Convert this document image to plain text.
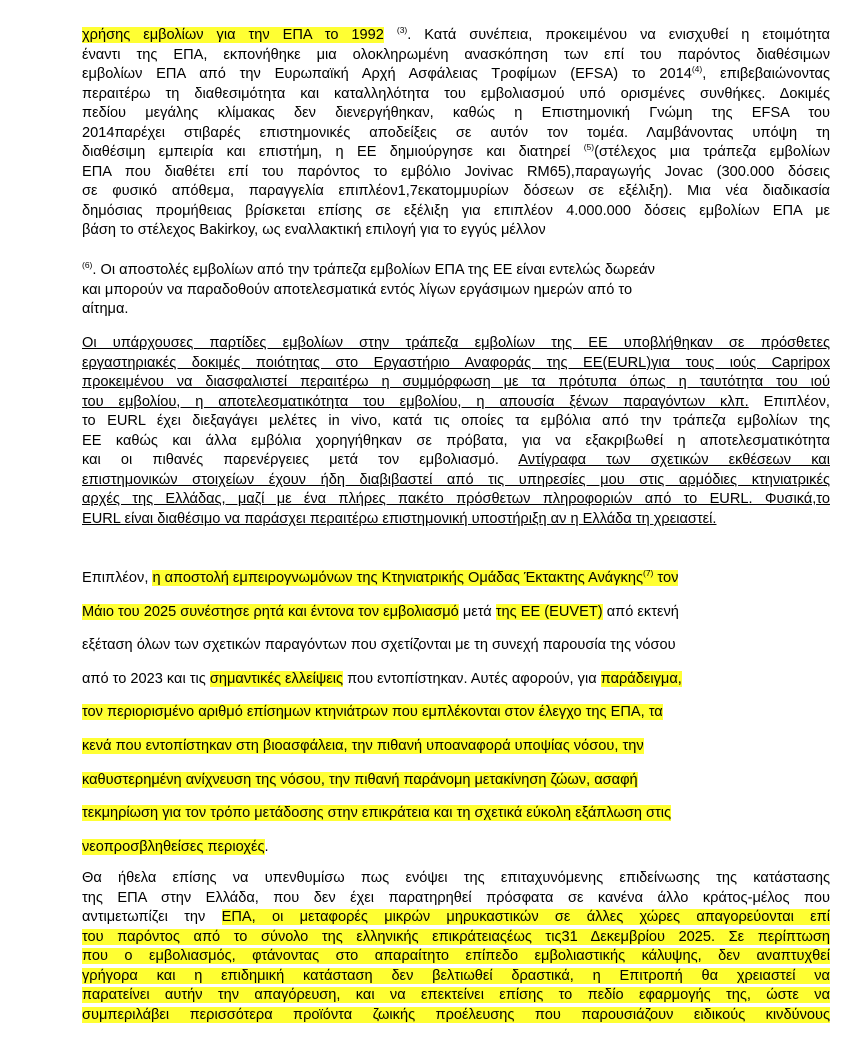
χρήσης εμβολίων για την ΕΠΑ το 1992 $^{(3)}$. Κατά συνέπεια, προκειμένου να ενισχυθεί η ετοιμότητα
έναντι της ΕΠΑ, εκπονήθηκε μια ολοκληρωμένη ανασκόπηση των επί του παρόντος διαθέσιμων
εμβολίων ΕΠΑ από την Ευρωπαϊκή Αρχή Ασφάλειας Τροφίμων (EFSA) το 2014$^{(4)}$, επιβεβαιώνοντας
περαιτέρω τη διαθεσιμότητα και καταλληλότητα του εμβολιασμού υπό ορισμένες συνθήκες. Δοκιμές
πεδίου μεγάλης κλίμακας δεν διενεργήθηκαν, καθώς η Επιστημονική Γνώμη της EFSA του
2014παρέχει στιβαρές επιστημονικές αποδείξεις σε αυτόν τον τομέα. Λαμβάνοντας υπόψη τη
διαθέσιμη εμπειρία και επιστήμη, η ΕΕ δημιούργησε και διατηρεί $^{(5)}$(στέλεχος μια τράπεζα εμβολίων
ΕΠΑ που διαθέτει επί του παρόντος το εμβόλιο Jovivac RM65),παραγωγής Jovac (300.000 δόσεις
σε φυσικό απόθεμα, παραγγελία επιπλέον1,7εκατομμυρίων δόσεων σε εξέλιξη). Μια νέα διαδικασία
δημόσιας προμήθειας βρίσκεται επίσης σε εξέλιξη για επιπλέον 4.000.000 δόσεις εμβολίων ΕΠΑ με
βάση το στέλεχος Bakirkoy, ως εναλλακτική επιλογή για το εγγύς μέλλον
$^{(6)}$. Οι αποστολές εμβολίων από την τράπεζα εμβολίων ΕΠΑ της ΕΕ είναι εντελώς δωρεάν
και μπορούν να παραδοθούν αποτελεσματικά εντός λίγων εργάσιμων ημερών από το
αίτημα.
Οι υπάρχουσες παρτίδες εμβολίων στην τράπεζα εμβολίων της ΕΕ υποβλήθηκαν σε πρόσθετες
εργαστηριακές δοκιμές ποιότητας στο Εργαστήριο Αναφοράς της ΕΕ(EURL)για τους ιούς Capripox
προκειμένου να διασφαλιστεί περαιτέρω η συμμόρφωση με τα πρότυπα όπως η ταυτότητα του ιού
του εμβολίου, η αποτελεσματικότητα του εμβολίου, η απουσία ξένων παραγόντων κλπ. Επιπλέον,
το EURL έχει διεξαγάγει μελέτες in vivo, κατά τις οποίες τα εμβόλια από την τράπεζα εμβολίων της
ΕΕ καθώς και άλλα εμβόλια χορηγήθηκαν σε πρόβατα, για να εξακριβωθεί η αποτελεσματικότητα
και οι πιθανές παρενέργειες μετά τον εμβολιασμό. Αντίγραφα των σχετικών εκθέσεων και
επιστημονικών στοιχείων έχουν ήδη διαβιβαστεί από τις υπηρεσίες μου στις αρμόδιες κτηνιατρικές
αρχές της Ελλάδας, μαζί με ένα πλήρες πακέτο πρόσθετων πληροφοριών από το EURL. Φυσικά,το
EURL είναι διαθέσιμο να παράσχει περαιτέρω επιστημονική υποστήριξη αν η Ελλάδα τη χρειαστεί.
Επιπλέον, η αποστολή εμπειρογνωμόνων της Κτηνιατρικής Ομάδας Έκτακτης Ανάγκης$^{(7)}$ τον
Μάιο του 2025 συνέστησε ρητά και έντονα τον εμβολιασμό μετά της ΕΕ (EUVET) από εκτενή
εξέταση όλων των σχετικών παραγόντων που σχετίζονται με τη συνεχή παρουσία της νόσου
από το 2023 και τις σημαντικές ελλείψεις που εντοπίστηκαν. Αυτές αφορούν, για παράδειγμα,
τον περιορισμένο αριθμό επίσημων κτηνιάτρων που εμπλέκονται στον έλεγχο της ΕΠΑ, τα
κενά που εντοπίστηκαν στη βιοασφάλεια, την πιθανή υποαναφορά υποψίας νόσου, την
καθυστερημένη ανίχνευση της νόσου, την πιθανή παράνομη μετακίνηση ζώων, ασαφή
τεκμηρίωση για τον τρόπο μετάδοσης στην επικράτεια και τη σχετικά εύκολη εξάπλωση στις
νεοπροσβληθείσες περιοχές.
Θα ήθελα επίσης να υπενθυμίσω πως ενόψει της επιταχυνόμενης επιδείνωσης της κατάστασης
της ΕΠΑ στην Ελλάδα, που δεν έχει παρατηρηθεί πρόσφατα σε κανένα άλλο κράτος-μέλος που
αντιμετωπίζει την ΕΠΑ, οι μεταφορές μικρών μηρυκαστικών σε άλλες χώρες απαγορεύονται επί
του παρόντος από το σύνολο της ελληνικής επικράτειαςέως τις31 Δεκεμβρίου 2025. Σε περίπτωση
που ο εμβολιασμός, φτάνοντας στο απαραίτητο επίπεδο εμβολιαστικής κάλυψης, δεν αναπτυχθεί
γρήγορα και η επιδημική κατάσταση δεν βελτιωθεί δραστικά, η Επιτροπή θα χρειαστεί να
παρατείνει αυτήν την απαγόρευση, και να επεκτείνει επίσης το πεδίο εφαρμογής της, ώστε να
συμπεριλάβει περισσότερα προϊόντα ζωικής προέλευσης που παρουσιάζουν ειδικούς κινδύνους
